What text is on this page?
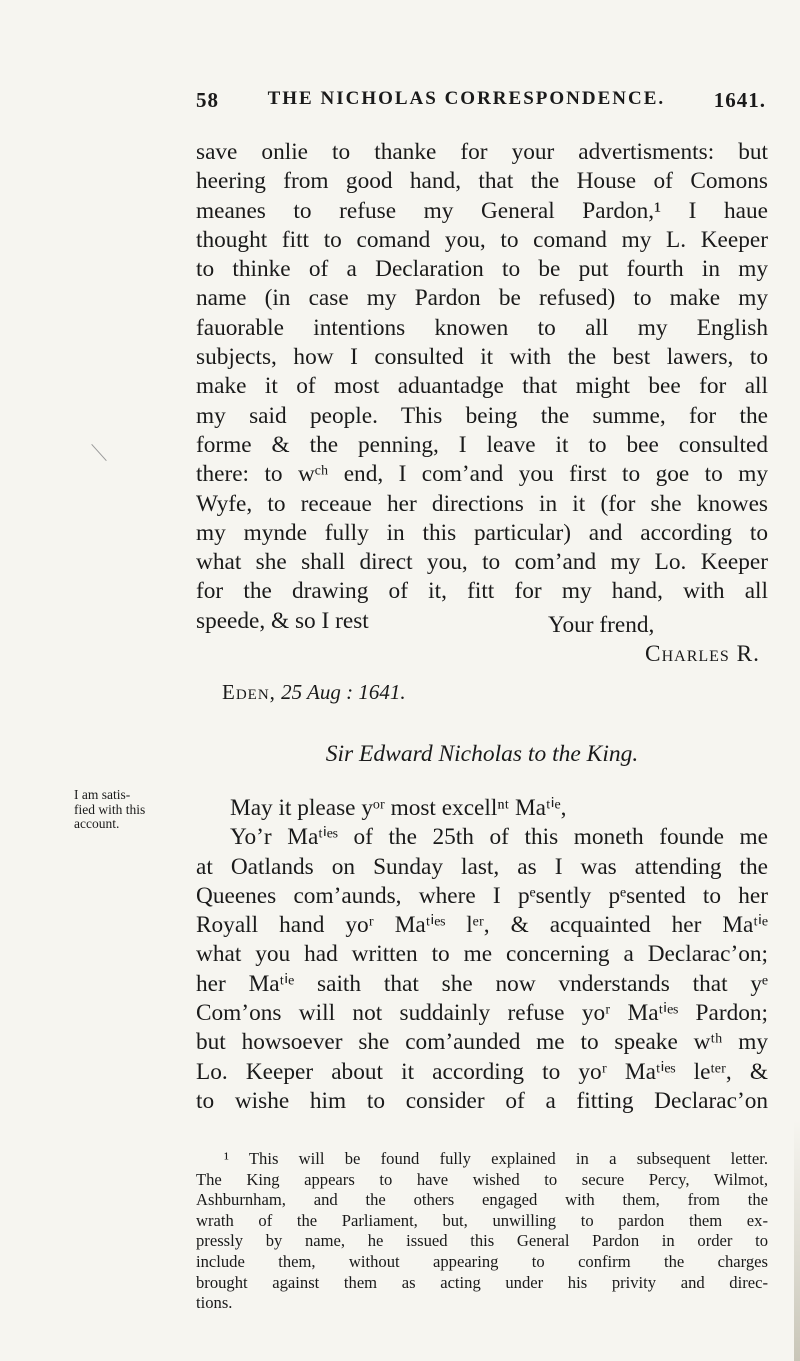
58	THE NICHOLAS CORRESPONDENCE. 1641.
save onlie to thanke for your advertisments: but
heering from good hand, that the House of Comons
meanes to refuse my General Pardon,¹ I haue
thought fitt to comand you, to comand my L. Keeper
to thinke of a Declaration to be put fourth in my
name (in case my Pardon be refused) to make my
fauorable intentions knowen to all my English
subjects, how I consulted it with the best lawers, to
make it of most aduantadge that might bee for all
my said people. This being the summe, for the
forme & the penning, I leave it to bee consulted
there: to wᶜʰ end, I com’and you first to goe to my
Wyfe, to receaue her directions in it (for she knowes
my mynde fully in this particular) and according to
what she shall direct you, to com’and my Lo. Keeper
for the drawing of it, fitt for my hand, with all
speede, & so I rest	Your frend,
Charles R.
Eden, 25 Aug : 1641.
Sir Edward Nicholas to the King.
I am satis-
fied with this
account.
May it please yᵒʳ most excellⁿᵗ Maᵗⁱᵉ,
Yo’r Maᵗⁱᵉˢ of the 25th of this moneth founde me
at Oatlands on Sunday last, as I was attending the
Queenes com’aunds, where I pᵉsently pᵉsented to her
Royall hand yoʳ Maᵗⁱᵉˢ lᵉʳ, & acquainted her Maᵗⁱᵉ
what you had written to me concerning a Declarac’on;
her Maᵗⁱᵉ saith that she now vnderstands that yᵉ
Com’ons will not suddainly refuse yoʳ Maᵗⁱᵉˢ Pardon;
but howsoever she com’aunded me to speake wᵗʰ my
Lo. Keeper about it according to yoʳ Maᵗⁱᵉˢ leᵗᵉʳ, &
to wishe him to consider of a fitting Declarac’on
¹ This will be found fully explained in a subsequent letter.
The King appears to have wished to secure Percy, Wilmot,
Ashburnham, and the others engaged with them, from the
wrath of the Parliament, but, unwilling to pardon them ex-
pressly by name, he issued this General Pardon in order to
include them, without appearing to confirm the charges
brought against them as acting under his privity and direc-
tions.
